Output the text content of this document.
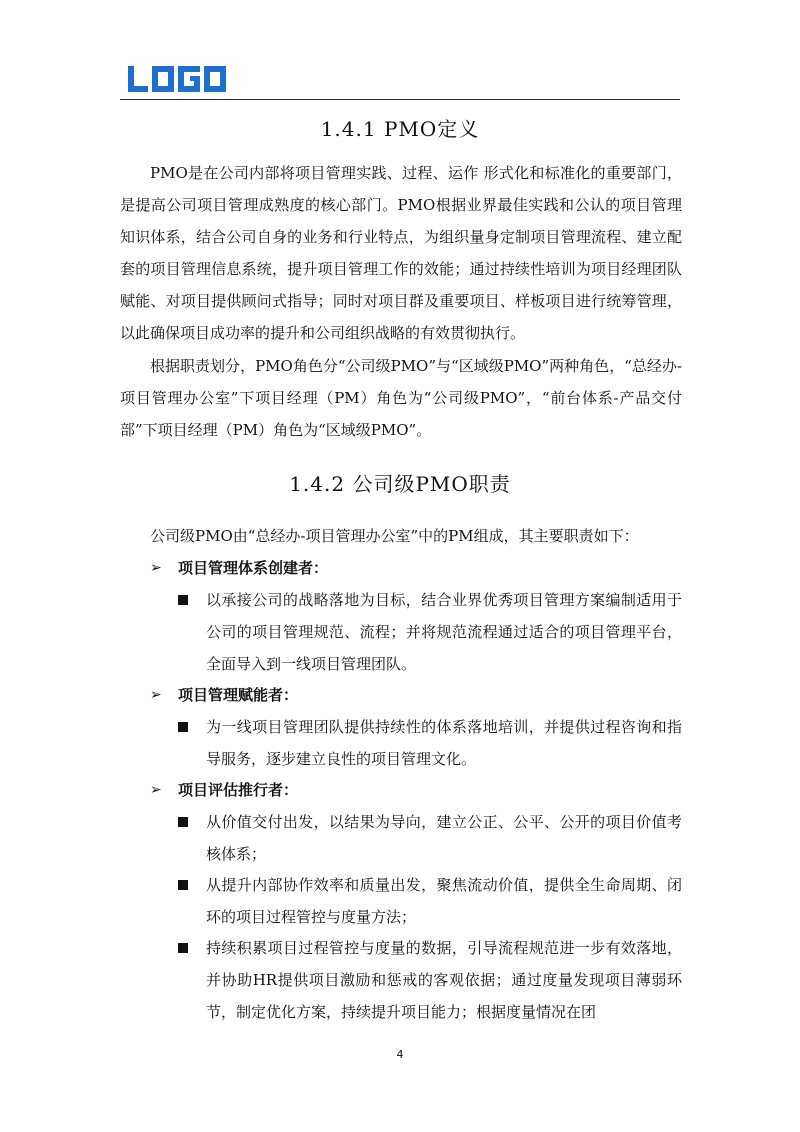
1.4.1 PMO定义

PMO是在公司内部将项目管理实践、过程、运作 形式化和标准化的重要部门，是提高公司项目管理成熟度的核心部门。PMO根据业界最佳实践和公认的项目管理知识体系，结合公司自身的业务和行业特点，为组织量身定制项目管理流程、建立配套的项目管理信息系统，提升项目管理工作的效能；通过持续性培训为项目经理团队赋能、对项目提供顾问式指导；同时对项目群及重要项目、样板项目进行统筹管理，以此确保项目成功率的提升和公司组织战略的有效贯彻执行。

根据职责划分，PMO角色分“公司级PMO”与“区域级PMO”两种角色，“总经办-项目管理办公室”下项目经理（PM）角色为“公司级PMO”，“前台体系-产品交付部”下项目经理（PM）角色为“区域级PMO”。

1.4.2 公司级PMO职责

公司级PMO由“总经办-项目管理办公室”中的PM组成，其主要职责如下：

➢ 项目管理体系创建者：

以承接公司的战略落地为目标，结合业界优秀项目管理方案编制适用于公司的项目管理规范、流程；并将规范流程通过适合的项目管理平台，全面导入到一线项目管理团队。

➢ 项目管理赋能者：

为一线项目管理团队提供持续性的体系落地培训，并提供过程咨询和指导服务，逐步建立良性的项目管理文化。

➢ 项目评估推行者：

从价值交付出发，以结果为导向，建立公正、公平、公开的项目价值考核体系；

从提升内部协作效率和质量出发，聚焦流动价值，提供全生命周期、闭环的项目过程管控与度量方法；

持续积累项目过程管控与度量的数据，引导流程规范进一步有效落地，并协助HR提供项目激励和惩戒的客观依据；通过度量发现项目薄弱环节，制定优化方案，持续提升项目能力；根据度量情况在团

4
